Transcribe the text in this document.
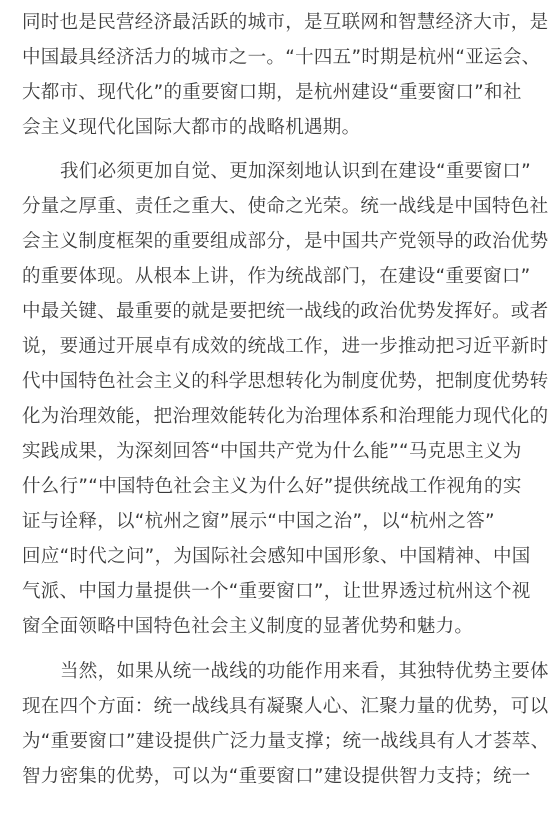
同时也是民营经济最活跃的城市，是互联网和智慧经济大市，是
中国最具经济活力的城市之一。“十四五”时期是杭州“亚运会、
大都市、现代化”的重要窗口期，是杭州建设“重要窗口”和社
会主义现代化国际大都市的战略机遇期。
我们必须更加自觉、更加深刻地认识到在建设“重要窗口”
分量之厚重、责任之重大、使命之光荣。统一战线是中国特色社
会主义制度框架的重要组成部分，是中国共产党领导的政治优势
的重要体现。从根本上讲，作为统战部门，在建设“重要窗口”
中最关键、最重要的就是要把统一战线的政治优势发挥好。或者
说，要通过开展卓有成效的统战工作，进一步推动把习近平新时
代中国特色社会主义的科学思想转化为制度优势，把制度优势转
化为治理效能，把治理效能转化为治理体系和治理能力现代化的
实践成果，为深刻回答“中国共产党为什么能”“马克思主义为
什么行”“中国特色社会主义为什么好”提供统战工作视角的实
证与诠释，以“杭州之窗”展示“中国之治”，以“杭州之答”
回应“时代之问”，为国际社会感知中国形象、中国精神、中国
气派、中国力量提供一个“重要窗口”，让世界透过杭州这个视
窗全面领略中国特色社会主义制度的显著优势和魅力。
当然，如果从统一战线的功能作用来看，其独特优势主要体
现在四个方面：统一战线具有凝聚人心、汇聚力量的优势，可以
为“重要窗口”建设提供广泛力量支撑；统一战线具有人才荟萃、
智力密集的优势，可以为“重要窗口”建设提供智力支持；统一
